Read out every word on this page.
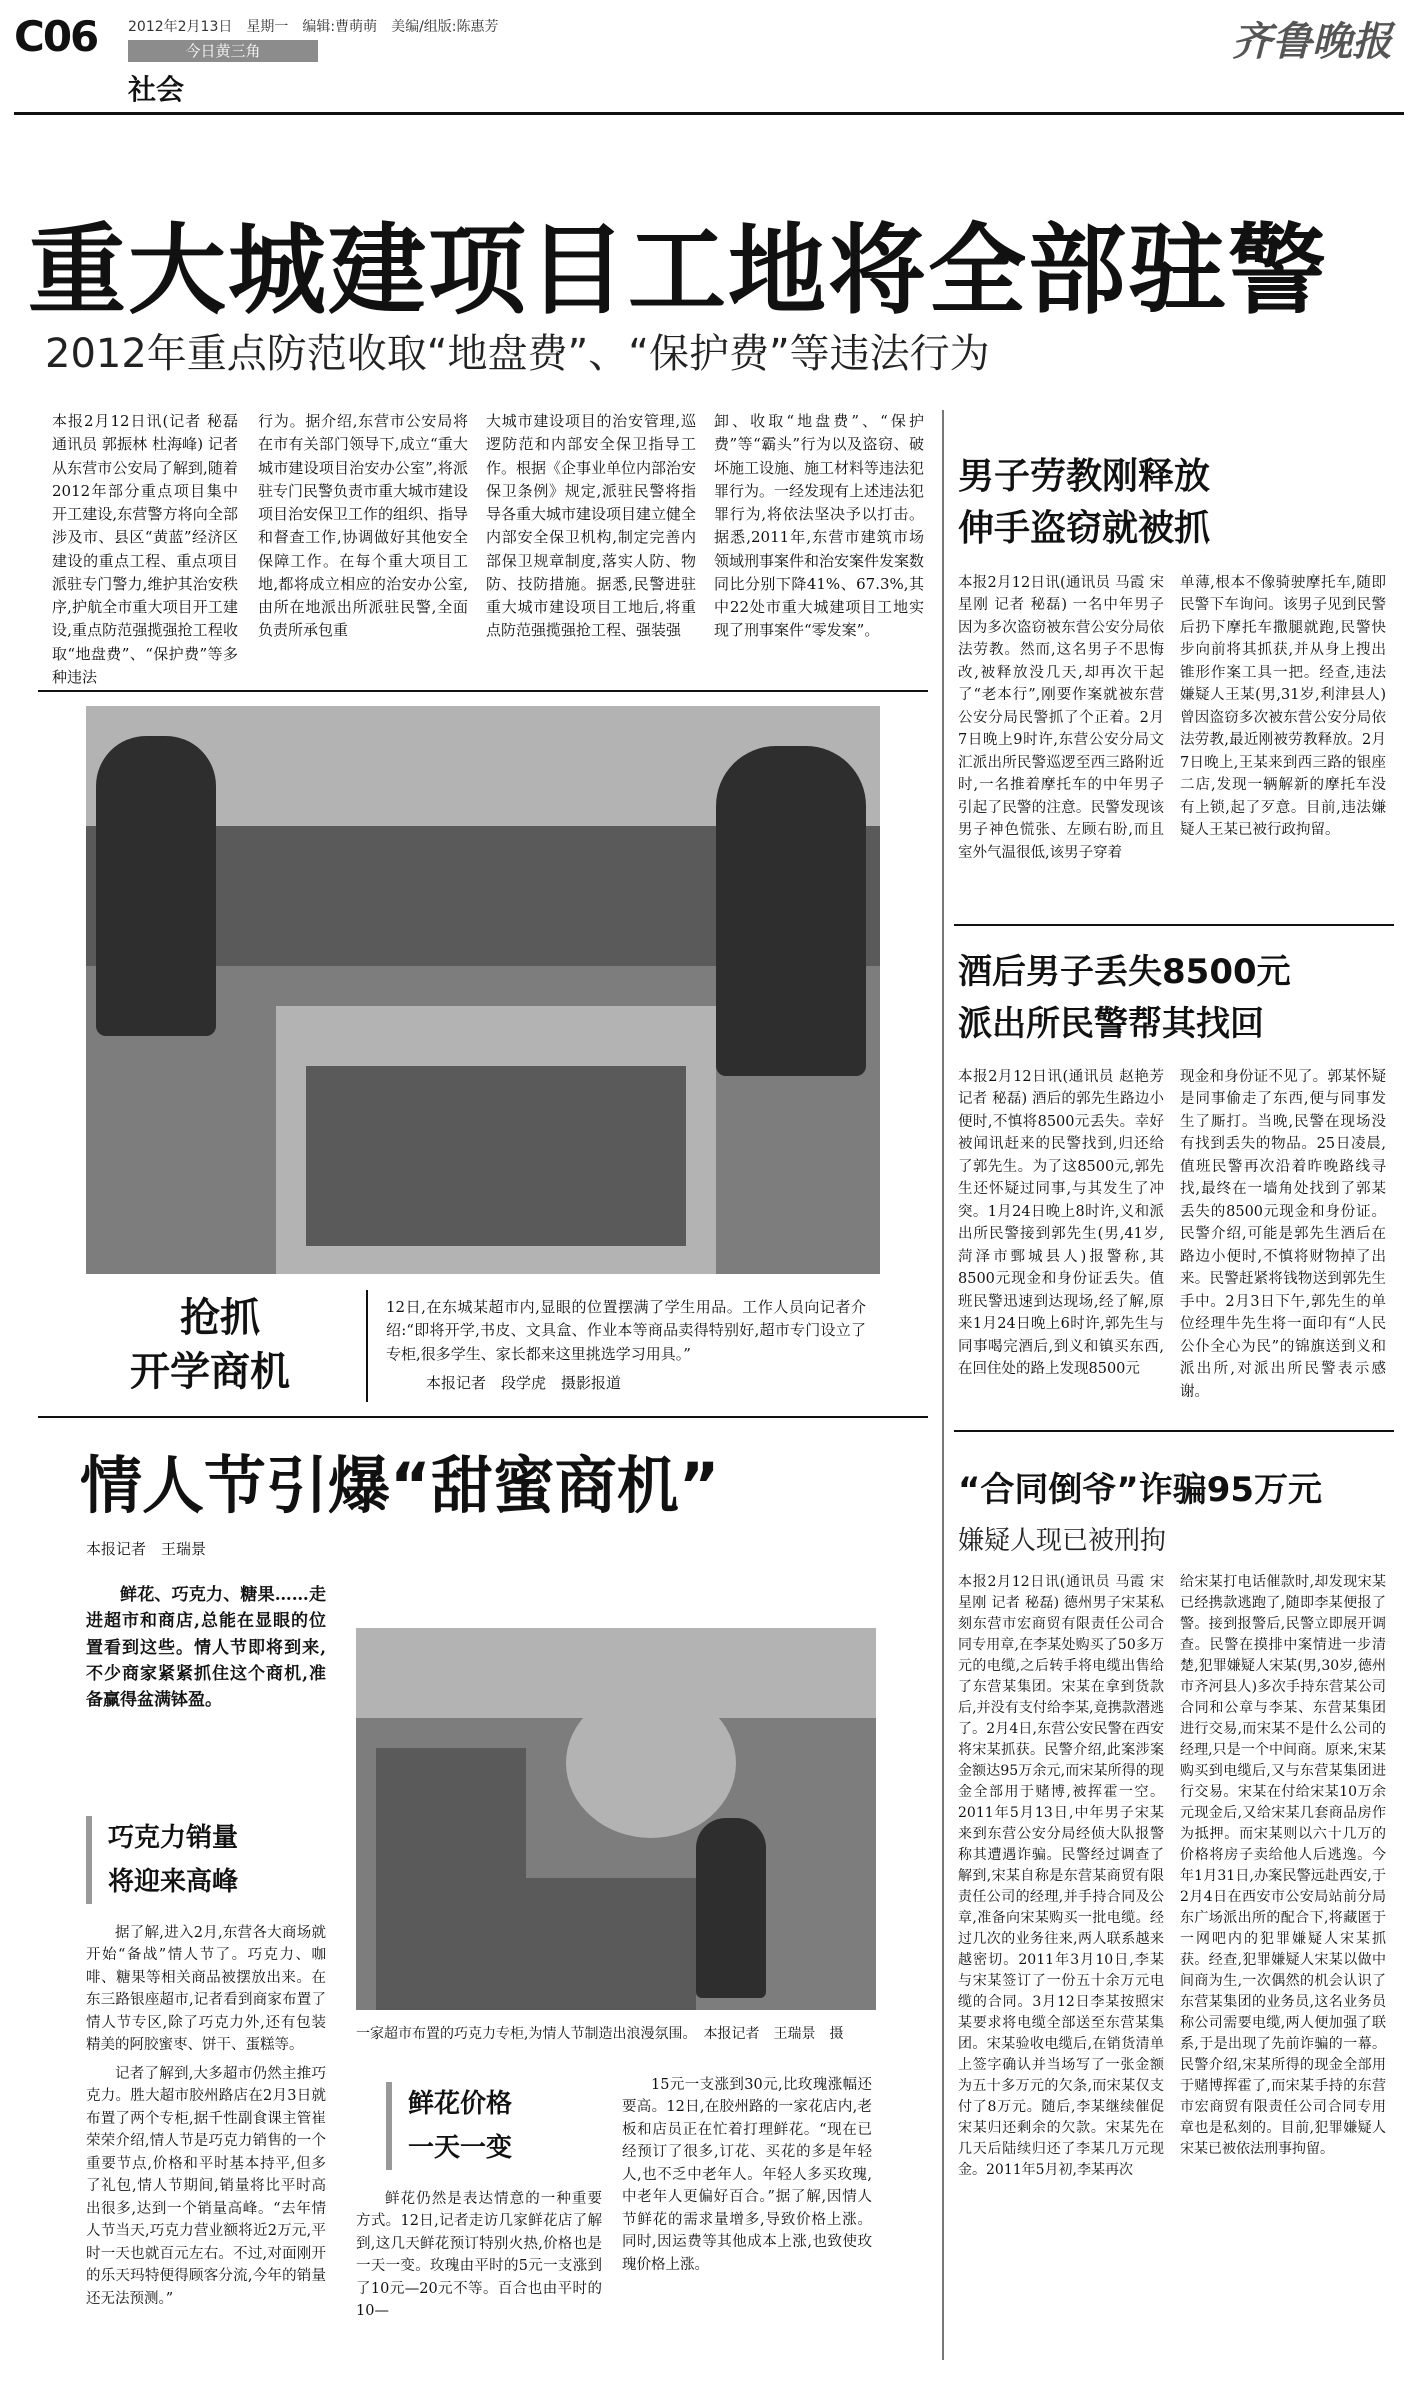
C06 2012年2月13日　星期一　编辑:曹萌萌　美编/组版:陈惠芳
今日黄三角
社会
齐鲁晚报
重大城建项目工地将全部驻警
2012年重点防范收取“地盘费”、“保护费”等违法行为

本报2月12日讯(记者 秘磊 通讯员 郭振林 杜海峰) 记者从东营市公安局了解到,随着2012年部分重点项目集中开工建设,东营警方将向全部涉及市、县区“黄蓝”经济区建设的重点工程、重点项目派驻专门警力,维护其治安秩序,护航全市重大项目开工建设,重点防范强揽强抢工程收取“地盘费”、“保护费”等多种违法

行为。据介绍,东营市公安局将在市有关部门领导下,成立“重大城市建设项目治安办公室”,将派驻专门民警负责市重大城市建设项目治安保卫工作的组织、指导和督查工作,协调做好其他安全保障工作。在每个重大项目工地,都将成立相应的治安办公室,由所在地派出所派驻民警,全面负责所承包重

大城市建设项目的治安管理,巡逻防范和内部安全保卫指导工作。根据《企事业单位内部治安保卫条例》规定,派驻民警将指导各重大城市建设项目建立健全内部安全保卫机构,制定完善内部保卫规章制度,落实人防、物防、技防措施。据悉,民警进驻重大城市建设项目工地后,将重点防范强揽强抢工程、强装强

卸、收取“地盘费”、“保护费”等“霸头”行为以及盗窃、破坏施工设施、施工材料等违法犯罪行为。一经发现有上述违法犯罪行为,将依法坚决予以打击。据悉,2011年,东营市建筑市场领域刑事案件和治安案件发案数同比分别下降41%、67.3%,其中22处市重大城建项目工地实现了刑事案件“零发案”。

抢抓
开学商机

12日,在东城某超市内,显眼的位置摆满了学生用品。工作人员向记者介绍:“即将开学,书皮、文具盒、作业本等商品卖得特别好,超市专门设立了专柜,很多学生、家长都来这里挑选学习用具。”

本报记者　段学虎　摄影报道

情人节引爆“甜蜜商机”
本报记者　王瑞景

鲜花、巧克力、糖果……走进超市和商店,总能在显眼的位置看到这些。情人节即将到来,不少商家紧紧抓住这个商机,准备赢得盆满钵盈。

巧克力销量
将迎来高峰

据了解,进入2月,东营各大商场就开始“备战”情人节了。巧克力、咖啡、糖果等相关商品被摆放出来。在东三路银座超市,记者看到商家布置了情人节专区,除了巧克力外,还有包装精美的阿胶蜜枣、饼干、蛋糕等。

记者了解到,大多超市仍然主推巧克力。胜大超市胶州路店在2月3日就布置了两个专柜,据千性副食课主管崔荣荣介绍,情人节是巧克力销售的一个重要节点,价格和平时基本持平,但多了礼包,情人节期间,销量将比平时高出很多,达到一个销量高峰。“去年情人节当天,巧克力营业额将近2万元,平时一天也就百元左右。不过,对面刚开的乐天玛特便得顾客分流,今年的销量还无法预测。”

一家超市布置的巧克力专柜,为情人节制造出浪漫氛围。　本报记者　王瑞景　摄

鲜花价格
一天一变

鲜花仍然是表达情意的一种重要方式。12日,记者走访几家鲜花店了解到,这几天鲜花预订特别火热,价格也是一天一变。玫瑰由平时的5元一支涨到了10元—20元不等。百合也由平时的10—

15元一支涨到30元,比玫瑰涨幅还要高。12日,在胶州路的一家花店内,老板和店员正在忙着打理鲜花。“现在已经预订了很多,订花、买花的多是年轻人,也不乏中老年人。年轻人多买玫瑰,中老年人更偏好百合。”据了解,因情人节鲜花的需求量增多,导致价格上涨。同时,因运费等其他成本上涨,也致使玫瑰价格上涨。

男子劳教刚释放
伸手盗窃就被抓

本报2月12日讯(通讯员 马霞 宋星刚 记者 秘磊) 一名中年男子因为多次盗窃被东营公安分局依法劳教。然而,这名男子不思悔改,被释放没几天,却再次干起了“老本行”,刚要作案就被东营公安分局民警抓了个正着。2月7日晚上9时许,东营公安分局文汇派出所民警巡逻至西三路附近时,一名推着摩托车的中年男子引起了民警的注意。民警发现该男子神色慌张、左顾右盼,而且室外气温很低,该男子穿着

单薄,根本不像骑驶摩托车,随即民警下车询问。该男子见到民警后扔下摩托车撒腿就跑,民警快步向前将其抓获,并从身上搜出锥形作案工具一把。经查,违法嫌疑人王某(男,31岁,利津县人)曾因盗窃多次被东营公安分局依法劳教,最近刚被劳教释放。2月7日晚上,王某来到西三路的银座二店,发现一辆解新的摩托车没有上锁,起了歹意。目前,违法嫌疑人王某已被行政拘留。

酒后男子丢失8500元
派出所民警帮其找回

本报2月12日讯(通讯员 赵艳芳 记者 秘磊) 酒后的郭先生路边小便时,不慎将8500元丢失。幸好被闻讯赶来的民警找到,归还给了郭先生。为了这8500元,郭先生还怀疑过同事,与其发生了冲突。1月24日晚上8时许,义和派出所民警接到郭先生(男,41岁,菏泽市鄄城县人)报警称,其8500元现金和身份证丢失。值班民警迅速到达现场,经了解,原来1月24日晚上6时许,郭先生与同事喝完酒后,到义和镇买东西,在回住处的路上发现8500元

现金和身份证不见了。郭某怀疑是同事偷走了东西,便与同事发生了厮打。当晚,民警在现场没有找到丢失的物品。25日凌晨,值班民警再次沿着昨晚路线寻找,最终在一墙角处找到了郭某丢失的8500元现金和身份证。民警介绍,可能是郭先生酒后在路边小便时,不慎将财物掉了出来。民警赶紧将钱物送到郭先生手中。2月3日下午,郭先生的单位经理牛先生将一面印有“人民公仆全心为民”的锦旗送到义和派出所,对派出所民警表示感谢。

“合同倒爷”诈骗95万元
嫌疑人现已被刑拘

本报2月12日讯(通讯员 马霞 宋星刚 记者 秘磊) 德州男子宋某私刻东营市宏商贸有限责任公司合同专用章,在李某处购买了50多万元的电缆,之后转手将电缆出售给了东营某集团。宋某在拿到货款后,并没有支付给李某,竟携款潜逃了。2月4日,东营公安民警在西安将宋某抓获。民警介绍,此案涉案金额达95万余元,而宋某所得的现金全部用于赌博,被挥霍一空。2011年5月13日,中年男子宋某来到东营公安分局经侦大队报警称其遭遇诈骗。民警经过调查了解到,宋某自称是东营某商贸有限责任公司的经理,并手持合同及公章,准备向宋某购买一批电缆。经过几次的业务往来,两人联系越来越密切。2011年3月10日,李某与宋某签订了一份五十余万元电缆的合同。3月12日李某按照宋某要求将电缆全部送至东营某集团。宋某验收电缆后,在销货清单上签字确认并当场写了一张金额为五十多万元的欠条,而宋某仅支付了8万元。随后,李某继续催促宋某归还剩余的欠款。宋某先在几天后陆续归还了李某几万元现金。2011年5月初,李某再次

给宋某打电话催款时,却发现宋某已经携款逃跑了,随即李某便报了警。接到报警后,民警立即展开调查。民警在摸排中案情进一步清楚,犯罪嫌疑人宋某(男,30岁,德州市齐河县人)多次手持东营某公司合同和公章与李某、东营某集团进行交易,而宋某不是什么公司的经理,只是一个中间商。原来,宋某购买到电缆后,又与东营某集团进行交易。宋某在付给宋某10万余元现金后,又给宋某几套商品房作为抵押。而宋某则以六十几万的价格将房子卖给他人后逃逸。今年1月31日,办案民警远赴西安,于2月4日在西安市公安局站前分局东广场派出所的配合下,将藏匿于一网吧内的犯罪嫌疑人宋某抓获。经查,犯罪嫌疑人宋某以做中间商为生,一次偶然的机会认识了东营某集团的业务员,这名业务员称公司需要电缆,两人便加强了联系,于是出现了先前诈骗的一幕。民警介绍,宋某所得的现金全部用于赌博挥霍了,而宋某手持的东营市宏商贸有限责任公司合同专用章也是私刻的。目前,犯罪嫌疑人宋某已被依法刑事拘留。
